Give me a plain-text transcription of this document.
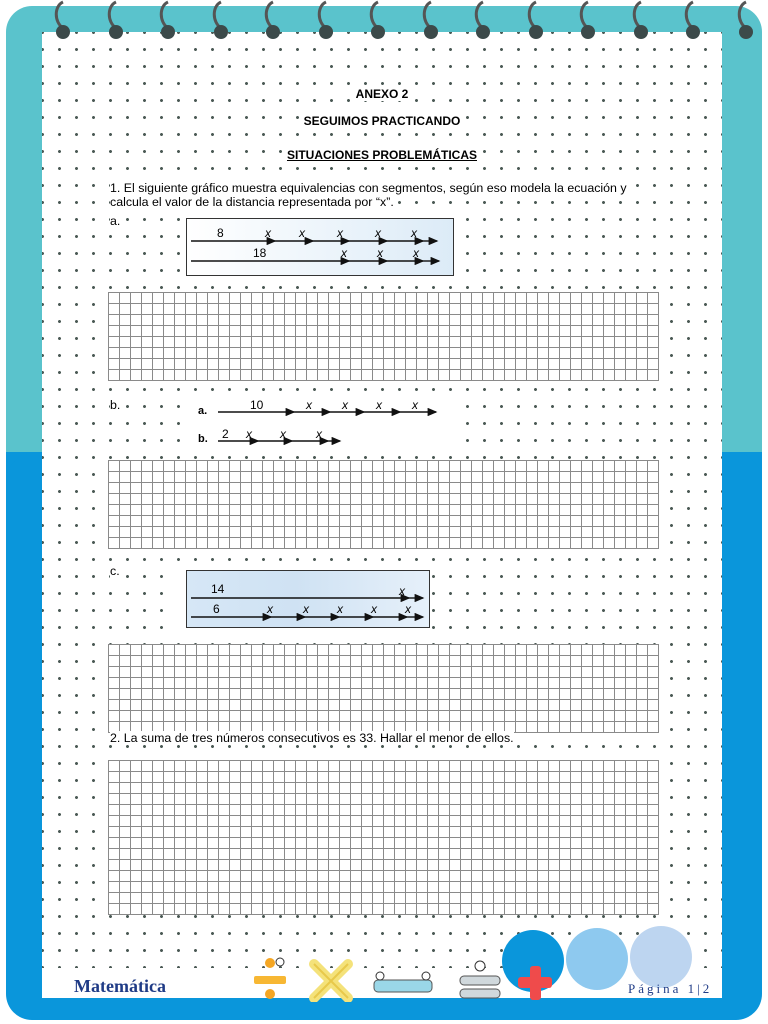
ANEXO 2
SEGUIMOS PRACTICANDO
SITUACIONES PROBLEMÁTICAS
1. El siguiente gráfico muestra equivalencias con segmentos, según eso modela la ecuación y
calcula el valor de la distancia representada por “x”.
a.
8	x x	x	x	x
18	x	x	x
b.	a.	10	x	x x	x
b. 2 x x	x
c.
14	x
6	x	x x x x
2. La suma de tres números consecutivos es 33. Hallar el menor de ellos.
Matemática	Página 1|2
